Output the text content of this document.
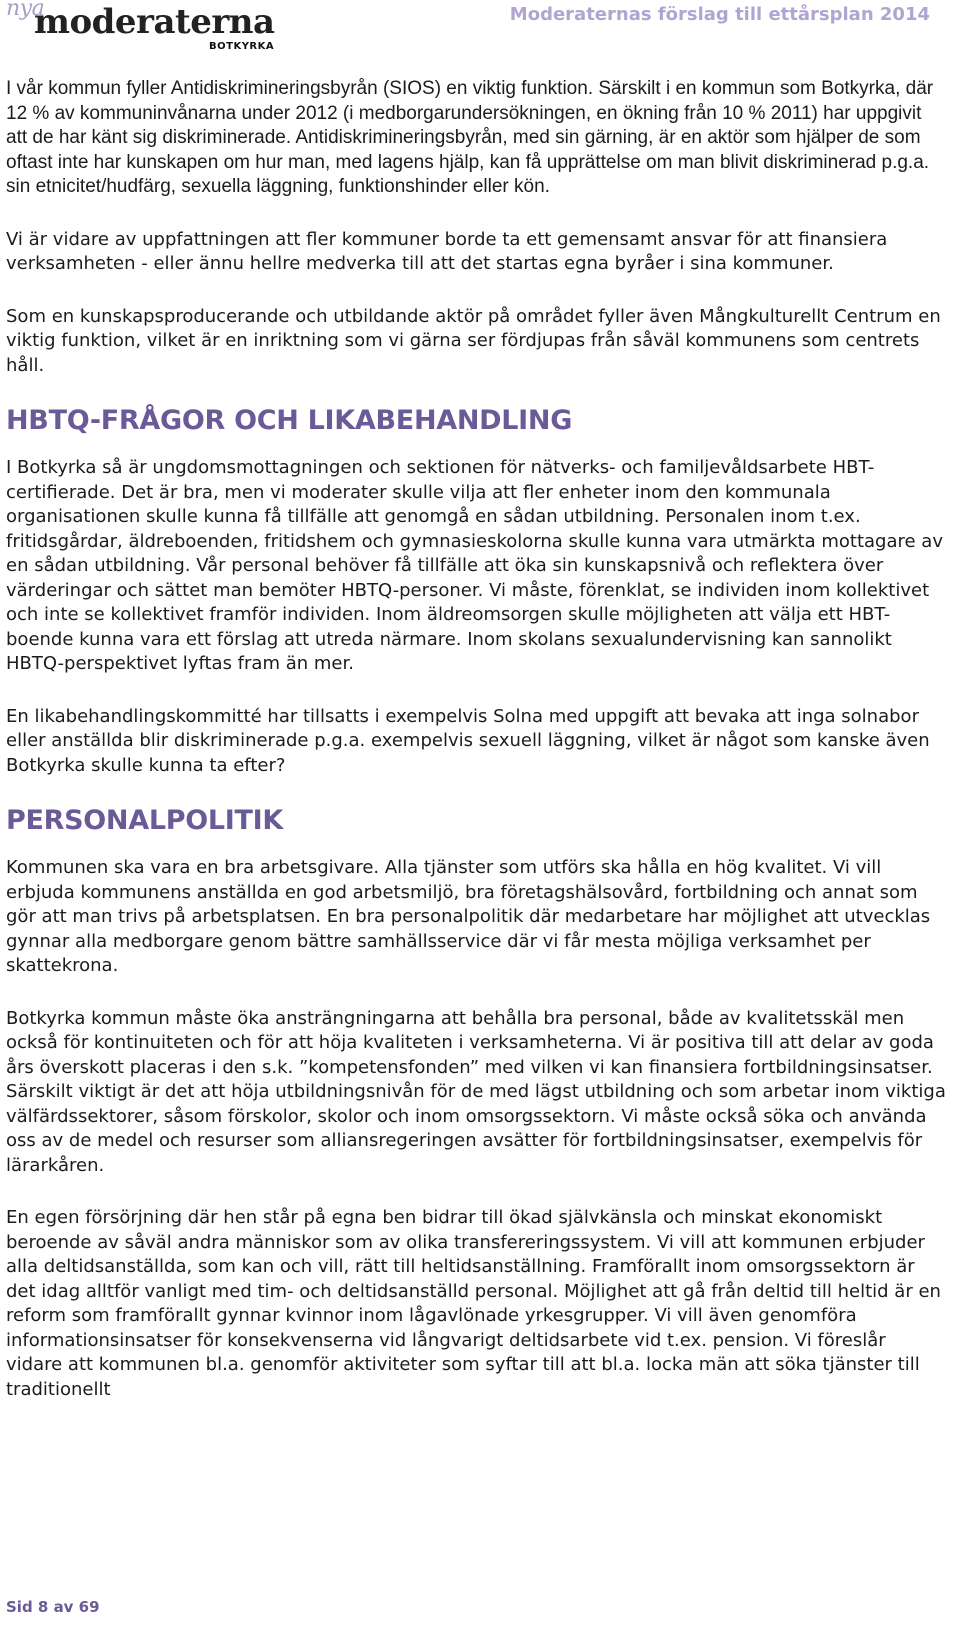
nya
moderaterna
BOTKYRKA
Moderaternas förslag till ettårsplan 2014

I vår kommun fyller Antidiskrimineringsbyrån (SIOS) en viktig funktion. Särskilt i en kommun som Botkyrka, där 12 % av kommuninvånarna under 2012 (i medborgarundersökningen, en ökning från 10 % 2011) har uppgivit att de har känt sig diskriminerade. Antidiskrimineringsbyrån, med sin gärning, är en aktör som hjälper de som oftast inte har kunskapen om hur man, med lagens hjälp, kan få upprättelse om man blivit diskriminerad p.g.a. sin etnicitet/hudfärg, sexuella läggning, funktionshinder eller kön.

Vi är vidare av uppfattningen att fler kommuner borde ta ett gemensamt ansvar för att finansiera verksamheten - eller ännu hellre medverka till att det startas egna byråer i sina kommuner.

Som en kunskapsproducerande och utbildande aktör på området fyller även Mångkulturellt Centrum en viktig funktion, vilket är en inriktning som vi gärna ser fördjupas från såväl kommunens som centrets håll.

HBTQ-FRÅGOR OCH LIKABEHANDLING

I Botkyrka så är ungdomsmottagningen och sektionen för nätverks- och familjevåldsarbete HBT-certifierade. Det är bra, men vi moderater skulle vilja att fler enheter inom den kommunala organisationen skulle kunna få tillfälle att genomgå en sådan utbildning. Personalen inom t.ex. fritidsgårdar, äldreboenden, fritidshem och gymnasieskolorna skulle kunna vara utmärkta mottagare av en sådan utbildning. Vår personal behöver få tillfälle att öka sin kunskapsnivå och reflektera över värderingar och sättet man bemöter HBTQ-personer. Vi måste, förenklat, se individen inom kollektivet och inte se kollektivet framför individen. Inom äldreomsorgen skulle möjligheten att välja ett HBT-boende kunna vara ett förslag att utreda närmare. Inom skolans sexualundervisning kan sannolikt HBTQ-perspektivet lyftas fram än mer.

En likabehandlingskommitté har tillsatts i exempelvis Solna med uppgift att bevaka att inga solnabor eller anställda blir diskriminerade p.g.a. exempelvis sexuell läggning, vilket är något som kanske även Botkyrka skulle kunna ta efter?

PERSONALPOLITIK

Kommunen ska vara en bra arbetsgivare. Alla tjänster som utförs ska hålla en hög kvalitet. Vi vill erbjuda kommunens anställda en god arbetsmiljö, bra företagshälsovård, fortbildning och annat som gör att man trivs på arbetsplatsen. En bra personalpolitik där medarbetare har möjlighet att utvecklas gynnar alla medborgare genom bättre samhällsservice där vi får mesta möjliga verksamhet per skattekrona.

Botkyrka kommun måste öka ansträngningarna att behålla bra personal, både av kvalitetsskäl men också för kontinuiteten och för att höja kvaliteten i verksamheterna. Vi är positiva till att delar av goda års överskott placeras i den s.k. ”kompetensfonden” med vilken vi kan finansiera fortbildningsinsatser. Särskilt viktigt är det att höja utbildningsnivån för de med lägst utbildning och som arbetar inom viktiga välfärdssektorer, såsom förskolor, skolor och inom omsorgssektorn. Vi måste också söka och använda oss av de medel och resurser som alliansregeringen avsätter för fortbildningsinsatser, exempelvis för lärarkåren.

En egen försörjning där hen står på egna ben bidrar till ökad självkänsla och minskat ekonomiskt beroende av såväl andra människor som av olika transfereringssystem. Vi vill att kommunen erbjuder alla deltidsanställda, som kan och vill, rätt till heltidsanställning. Framförallt inom omsorgssektorn är det idag alltför vanligt med tim- och deltidsanställd personal. Möjlighet att gå från deltid till heltid är en reform som framförallt gynnar kvinnor inom lågavlönade yrkesgrupper. Vi vill även genomföra informationsinsatser för konsekvenserna vid långvarigt deltidsarbete vid t.ex. pension. Vi föreslår vidare att kommunen bl.a. genomför aktiviteter som syftar till att bl.a. locka män att söka tjänster till traditionellt

Sid 8 av 69
